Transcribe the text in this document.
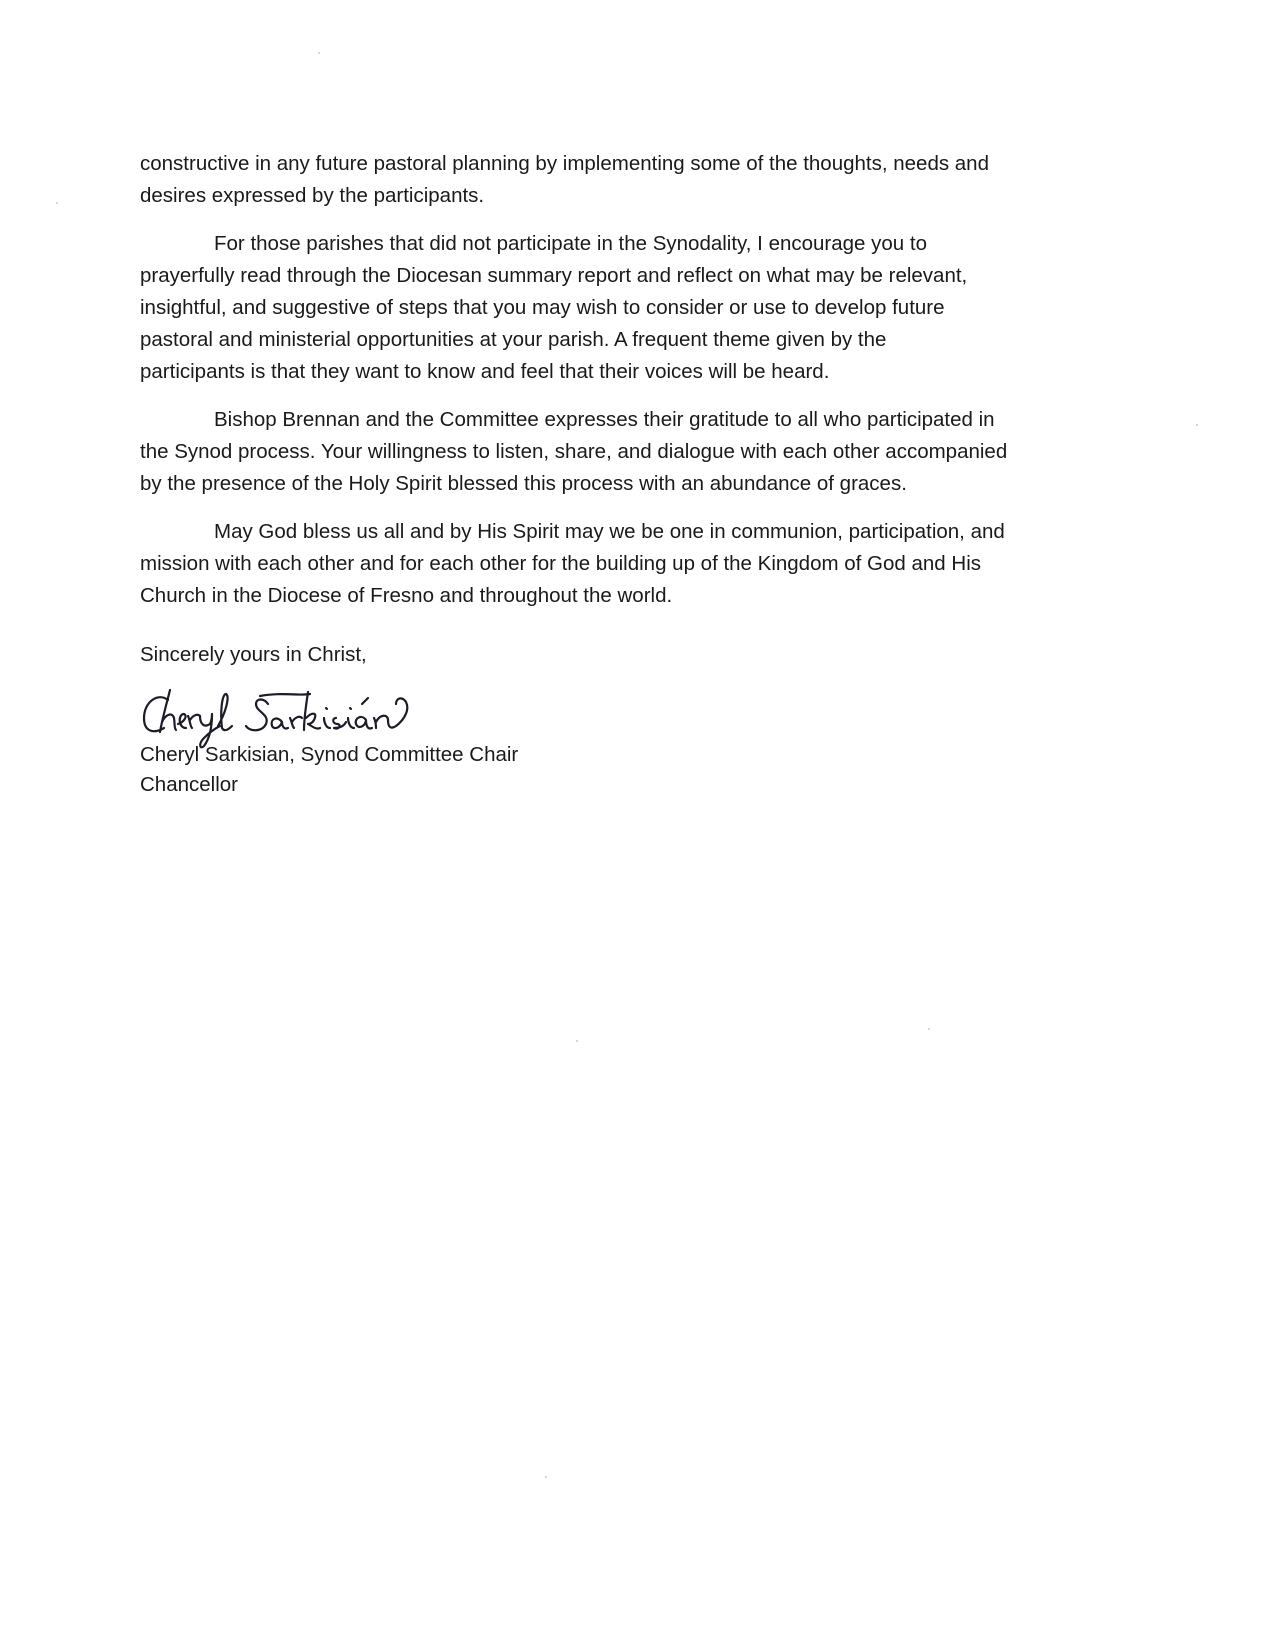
constructive in any future pastoral planning by implementing some of the thoughts, needs and
desires expressed by the participants.

For those parishes that did not participate in the Synodality, I encourage you to
prayerfully read through the Diocesan summary report and reflect on what may be relevant,
insightful, and suggestive of steps that you may wish to consider or use to develop future
pastoral and ministerial opportunities at your parish. A frequent theme given by the
participants is that they want to know and feel that their voices will be heard.

Bishop Brennan and the Committee expresses their gratitude to all who participated in
the Synod process. Your willingness to listen, share, and dialogue with each other accompanied
by the presence of the Holy Spirit blessed this process with an abundance of graces.

May God bless us all and by His Spirit may we be one in communion, participation, and
mission with each other and for each other for the building up of the Kingdom of God and His
Church in the Diocese of Fresno and throughout the world.

Sincerely yours in Christ,
Cheryl Sarkisian, Synod Committee Chair
Chancellor
